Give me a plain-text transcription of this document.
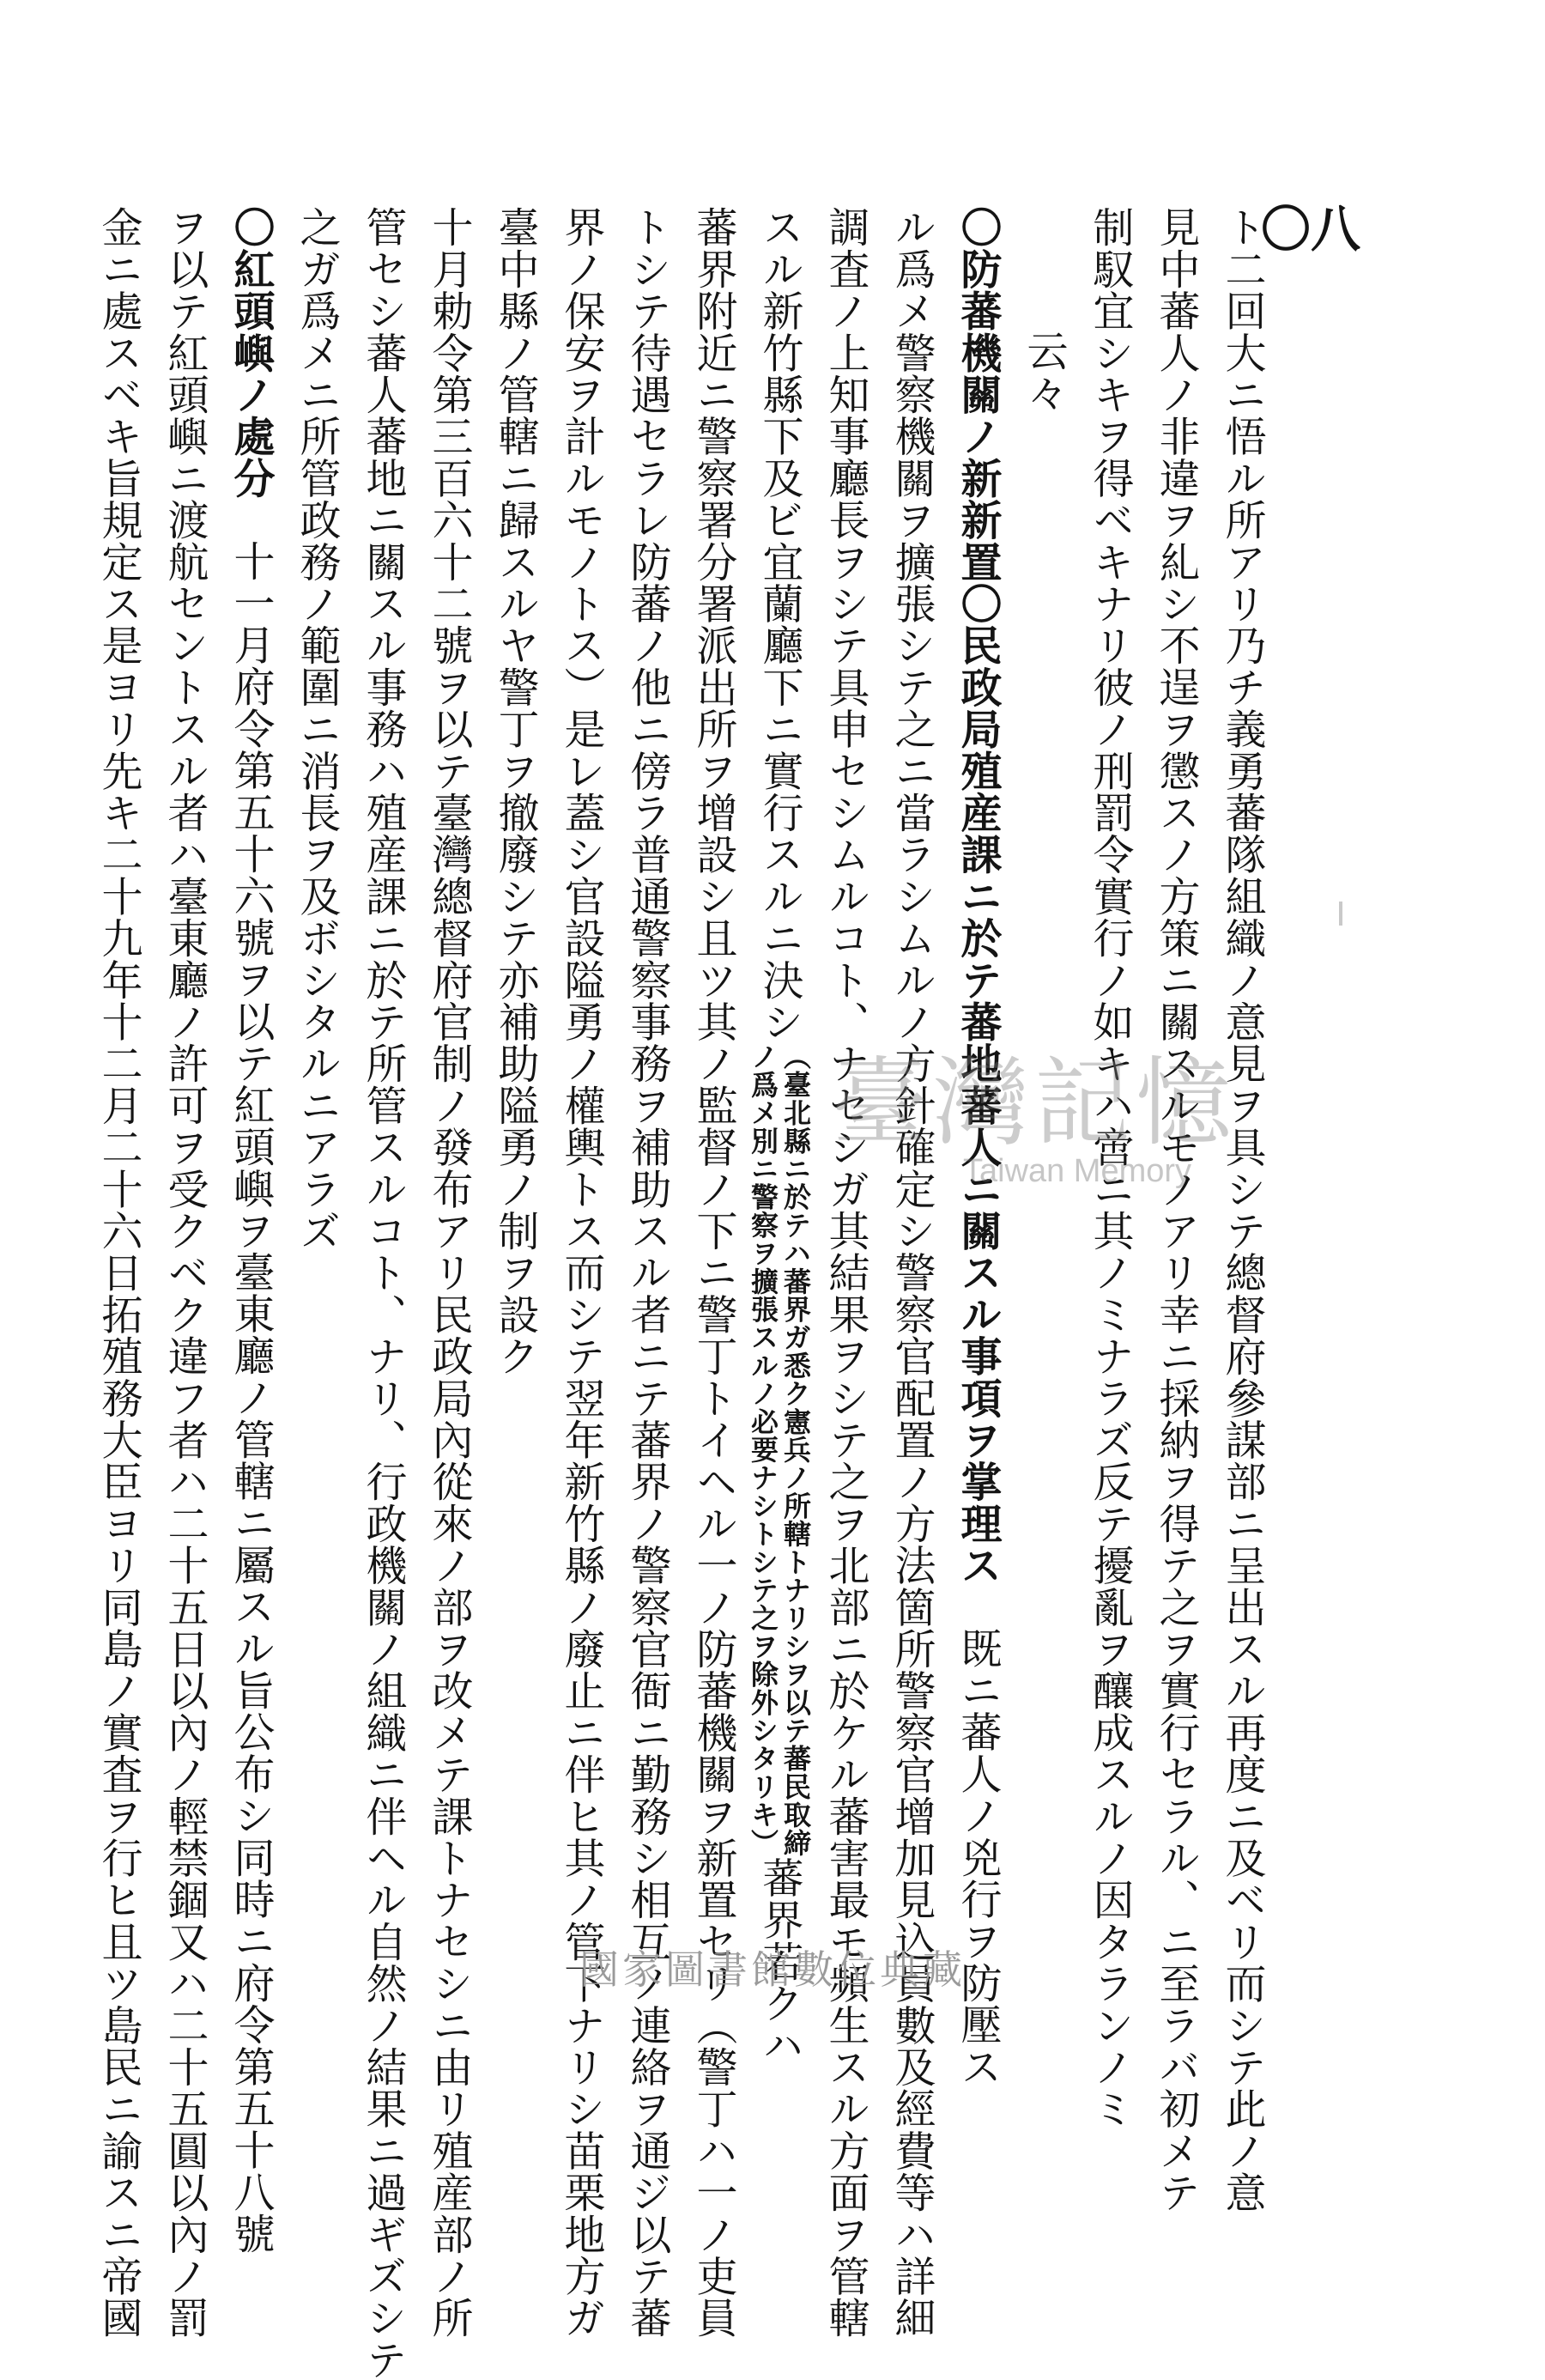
八〇
ト二回大ニ悟ル所アリ乃チ義勇蕃隊組織ノ意見ヲ具シテ總督府參謀部ニ呈出スル再度ニ及ベリ而シテ此ノ意
見中蕃人ノ非違ヲ糺シ不逞ヲ懲スノ方策ニ關スルモノアリ幸ニ採納ヲ得テ之ヲ實行セラル、ニ至ラバ初メテ
制馭宜シキヲ得ベキナリ彼ノ刑罰令實行ノ如キハ啻ニ其ノミナラズ反テ擾亂ヲ釀成スルノ因タランノミ
云々
〇防蕃機關ノ新新置〇民政局殖産課ニ於テ蕃地蕃人ニ關スル事項ヲ掌理ス既ニ蕃人ノ兇行ヲ防壓ス
ル爲メ警察機關ヲ擴張シテ之ニ當ラシムルノ方針確定シ警察官配置ノ方法箇所警察官增加見込員數及經費等ハ詳細
調査ノ上知事廳長ヲシテ具申セシムルコト、ナセシガ其結果ヲシテ之ヲ北部ニ於ケル蕃害最モ頻生スル方面ヲ管轄
スル新竹縣下及ビ宜蘭廳下ニ實行スルニ決シ（臺北縣ニ於テハ蕃界ガ悉ク憲兵ノ所轄トナリシヲ以テ蕃民取締
ノ爲メ別ニ警察ヲ擴張スルノ必要ナシトシテ之ヲ除外シタリキ）蕃界若クハ
蕃界附近ニ警察署分署派出所ヲ增設シ且ツ其ノ監督ノ下ニ警丁トイヘル一ノ防蕃機關ヲ新置セリ（警丁ハ一ノ吏員
トシテ待遇セラレ防蕃ノ他ニ傍ラ普通警察事務ヲ補助スル者ニテ蕃界ノ警察官衙ニ勤務シ相互ノ連絡ヲ通ジ以テ蕃
界ノ保安ヲ計ルモノトス）是レ蓋シ官設隘勇ノ權輿トス而シテ翌年新竹縣ノ廢止ニ伴ヒ其ノ管下ナリシ苗栗地方ガ
臺中縣ノ管轄ニ歸スルヤ警丁ヲ撤廢シテ亦補助隘勇ノ制ヲ設ク
十月勅令第三百六十二號ヲ以テ臺灣總督府官制ノ發布アリ民政局內從來ノ部ヲ改メテ課トナセシニ由リ殖産部ノ所
管セシ蕃人蕃地ニ關スル事務ハ殖産課ニ於テ所管スルコト、ナリ、行政機關ノ組織ニ伴ヘル自然ノ結果ニ過ギズシテ
之ガ爲メニ所管政務ノ範圍ニ消長ヲ及ボシタルニアラズ
〇紅頭嶼ノ處分十一月府令第五十六號ヲ以テ紅頭嶼ヲ臺東廳ノ管轄ニ屬スル旨公布シ同時ニ府令第五十八號
ヲ以テ紅頭嶼ニ渡航セントスル者ハ臺東廳ノ許可ヲ受クベク違フ者ハ二十五日以內ノ輕禁錮又ハ二十五圓以內ノ罰
金ニ處スベキ旨規定ス是ヨリ先キ二十九年十二月二十六日拓殖務大臣ヨリ同島ノ實査ヲ行ヒ且ツ島民ニ諭スニ帝國	臺灣記憶
Taiwan Memory
國家圖書館數位典藏
